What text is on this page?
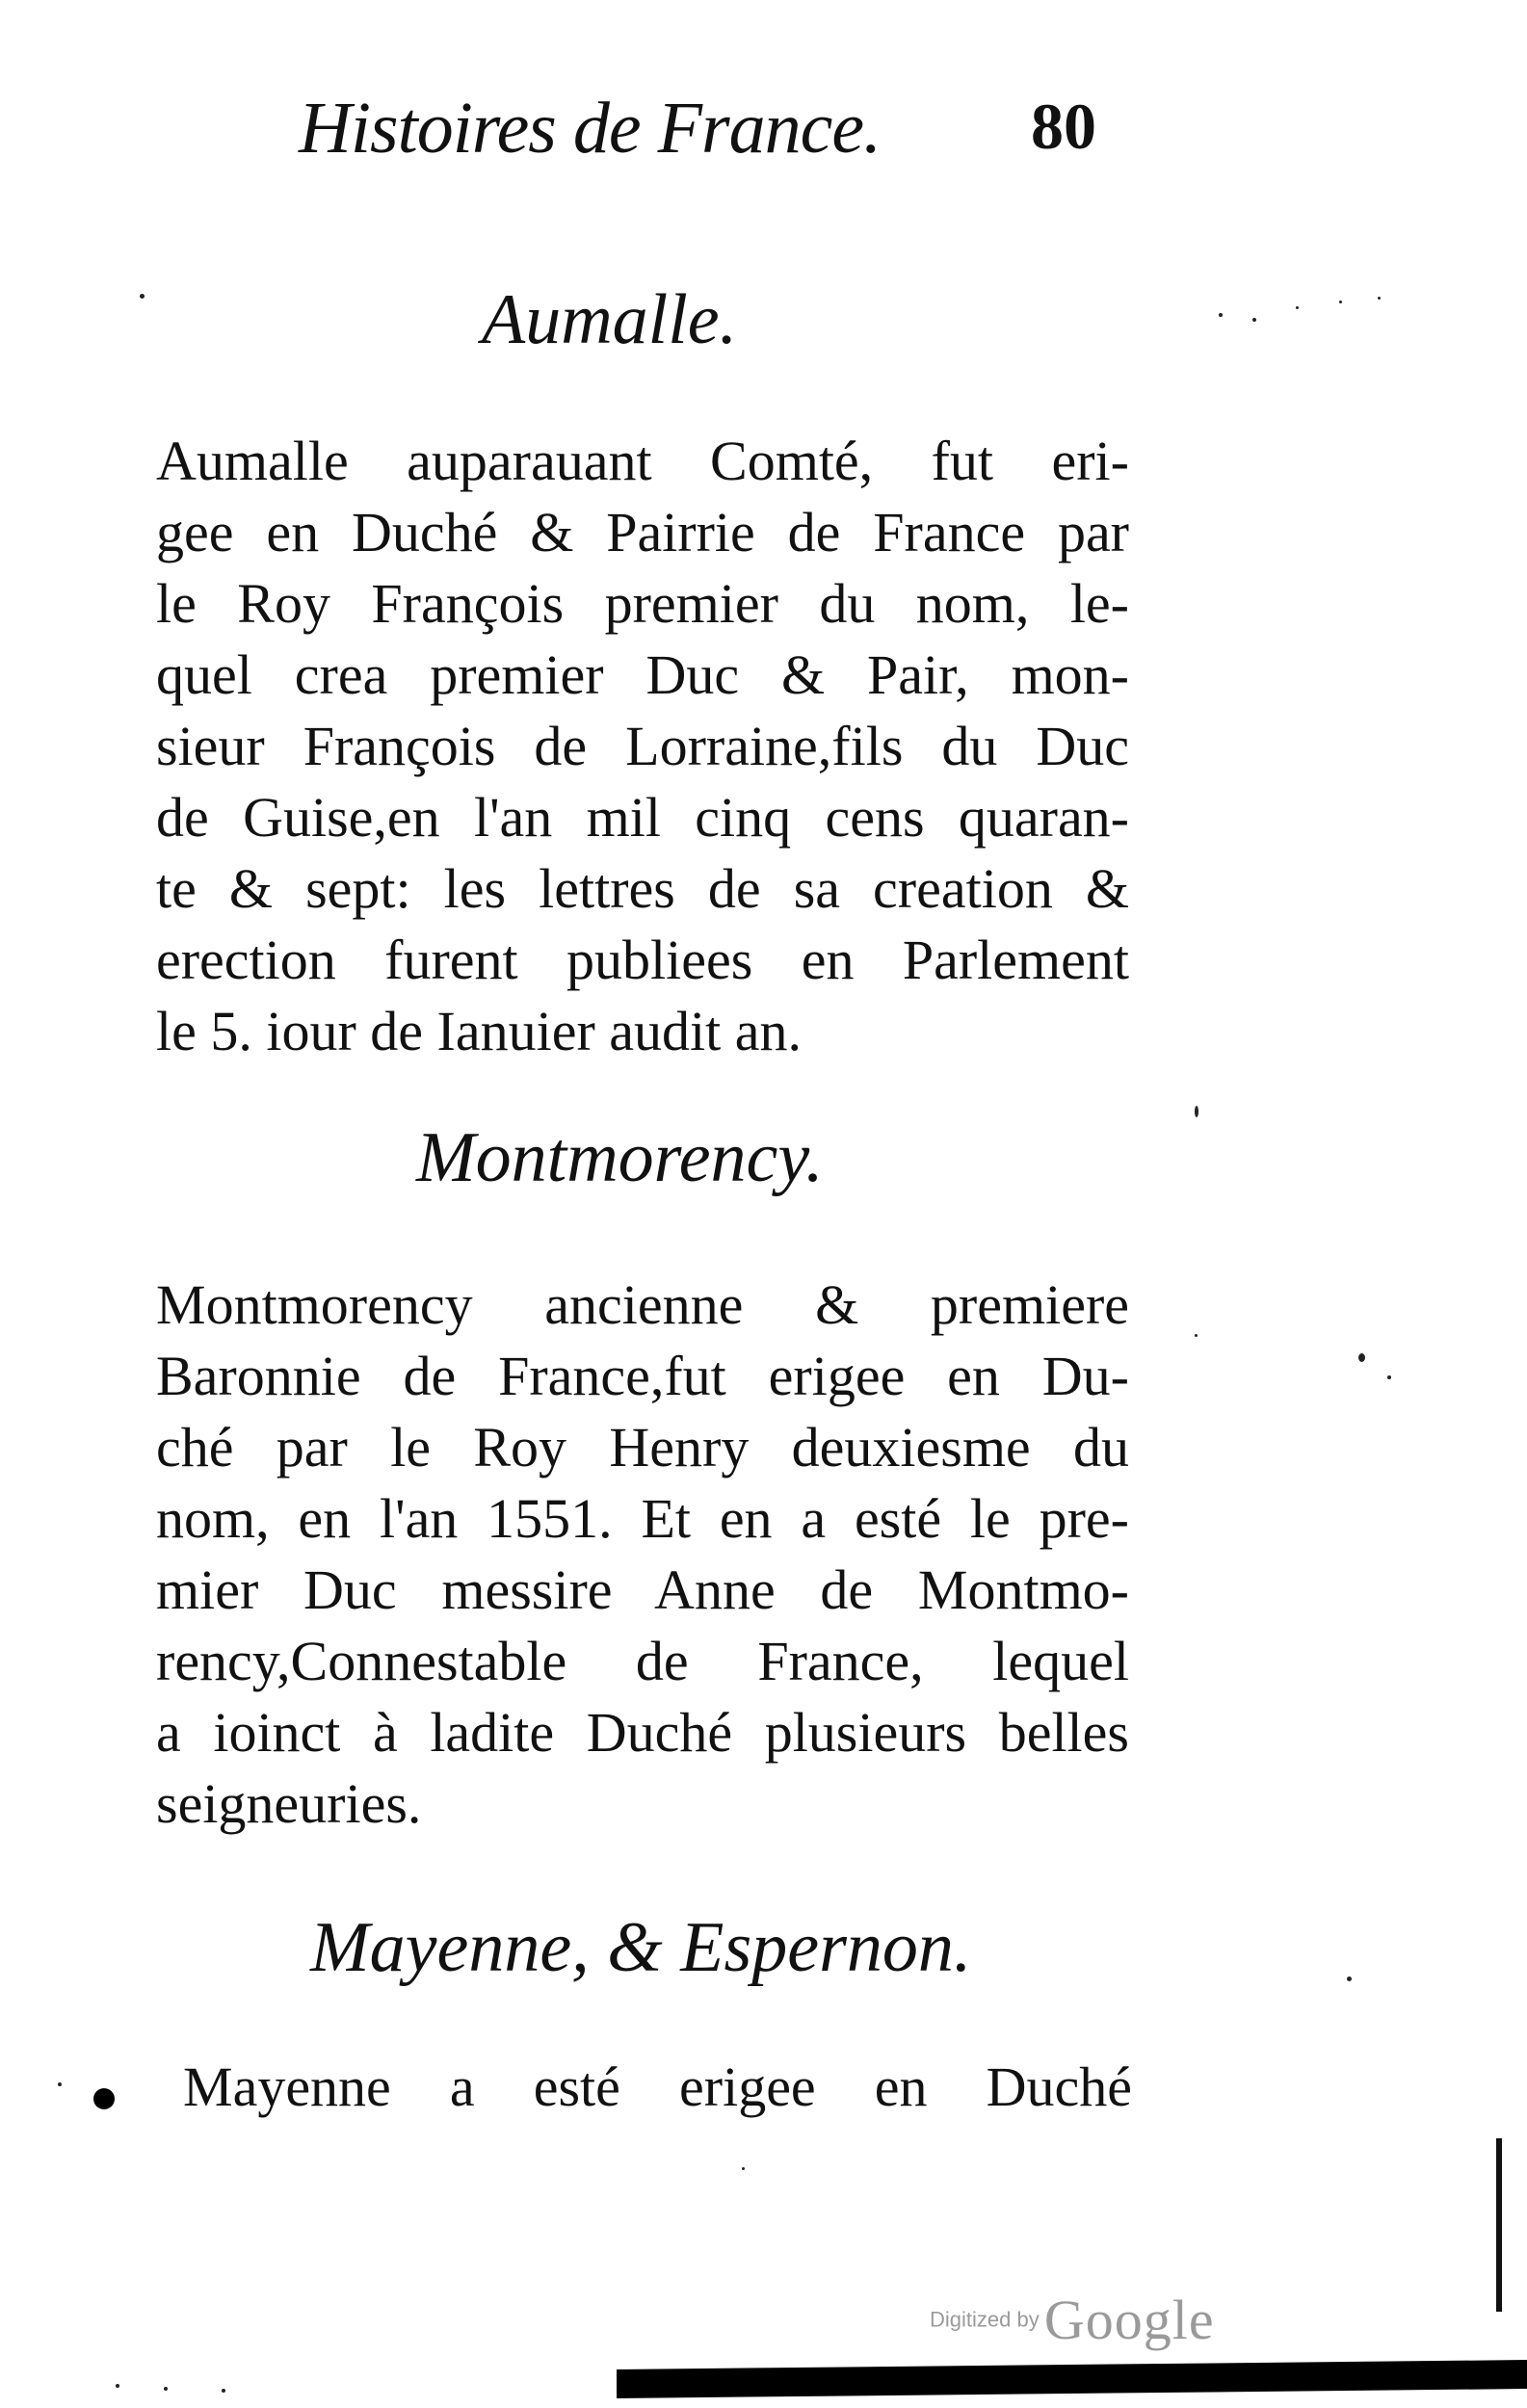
Histoires de France. 80
Aumalle.
Aumalle auparauant Comté, fut eri-
gee en Duché & Pairrie de France par
le Roy François premier du nom, le-
quel crea premier Duc & Pair, mon-
sieur François de Lorraine,fils du Duc
de Guise,en l'an mil cinq cens quaran-
te & sept: les lettres de sa creation &
erection furent publiees en Parlement
le 5. iour de Ianuier audit an.
Montmorency.
Montmorency ancienne & premiere
Baronnie de France,fut erigee en Du-
ché par le Roy Henry deuxiesme du
nom, en l'an 1551. Et en a esté le pre-
mier Duc messire Anne de Montmo-
rency,Connestable de France, lequel
a ioinct à ladite Duché plusieurs belles
seigneuries.
Mayenne, & Espernon.
Mayenne a esté erigee en Duché
Digitized by Google
